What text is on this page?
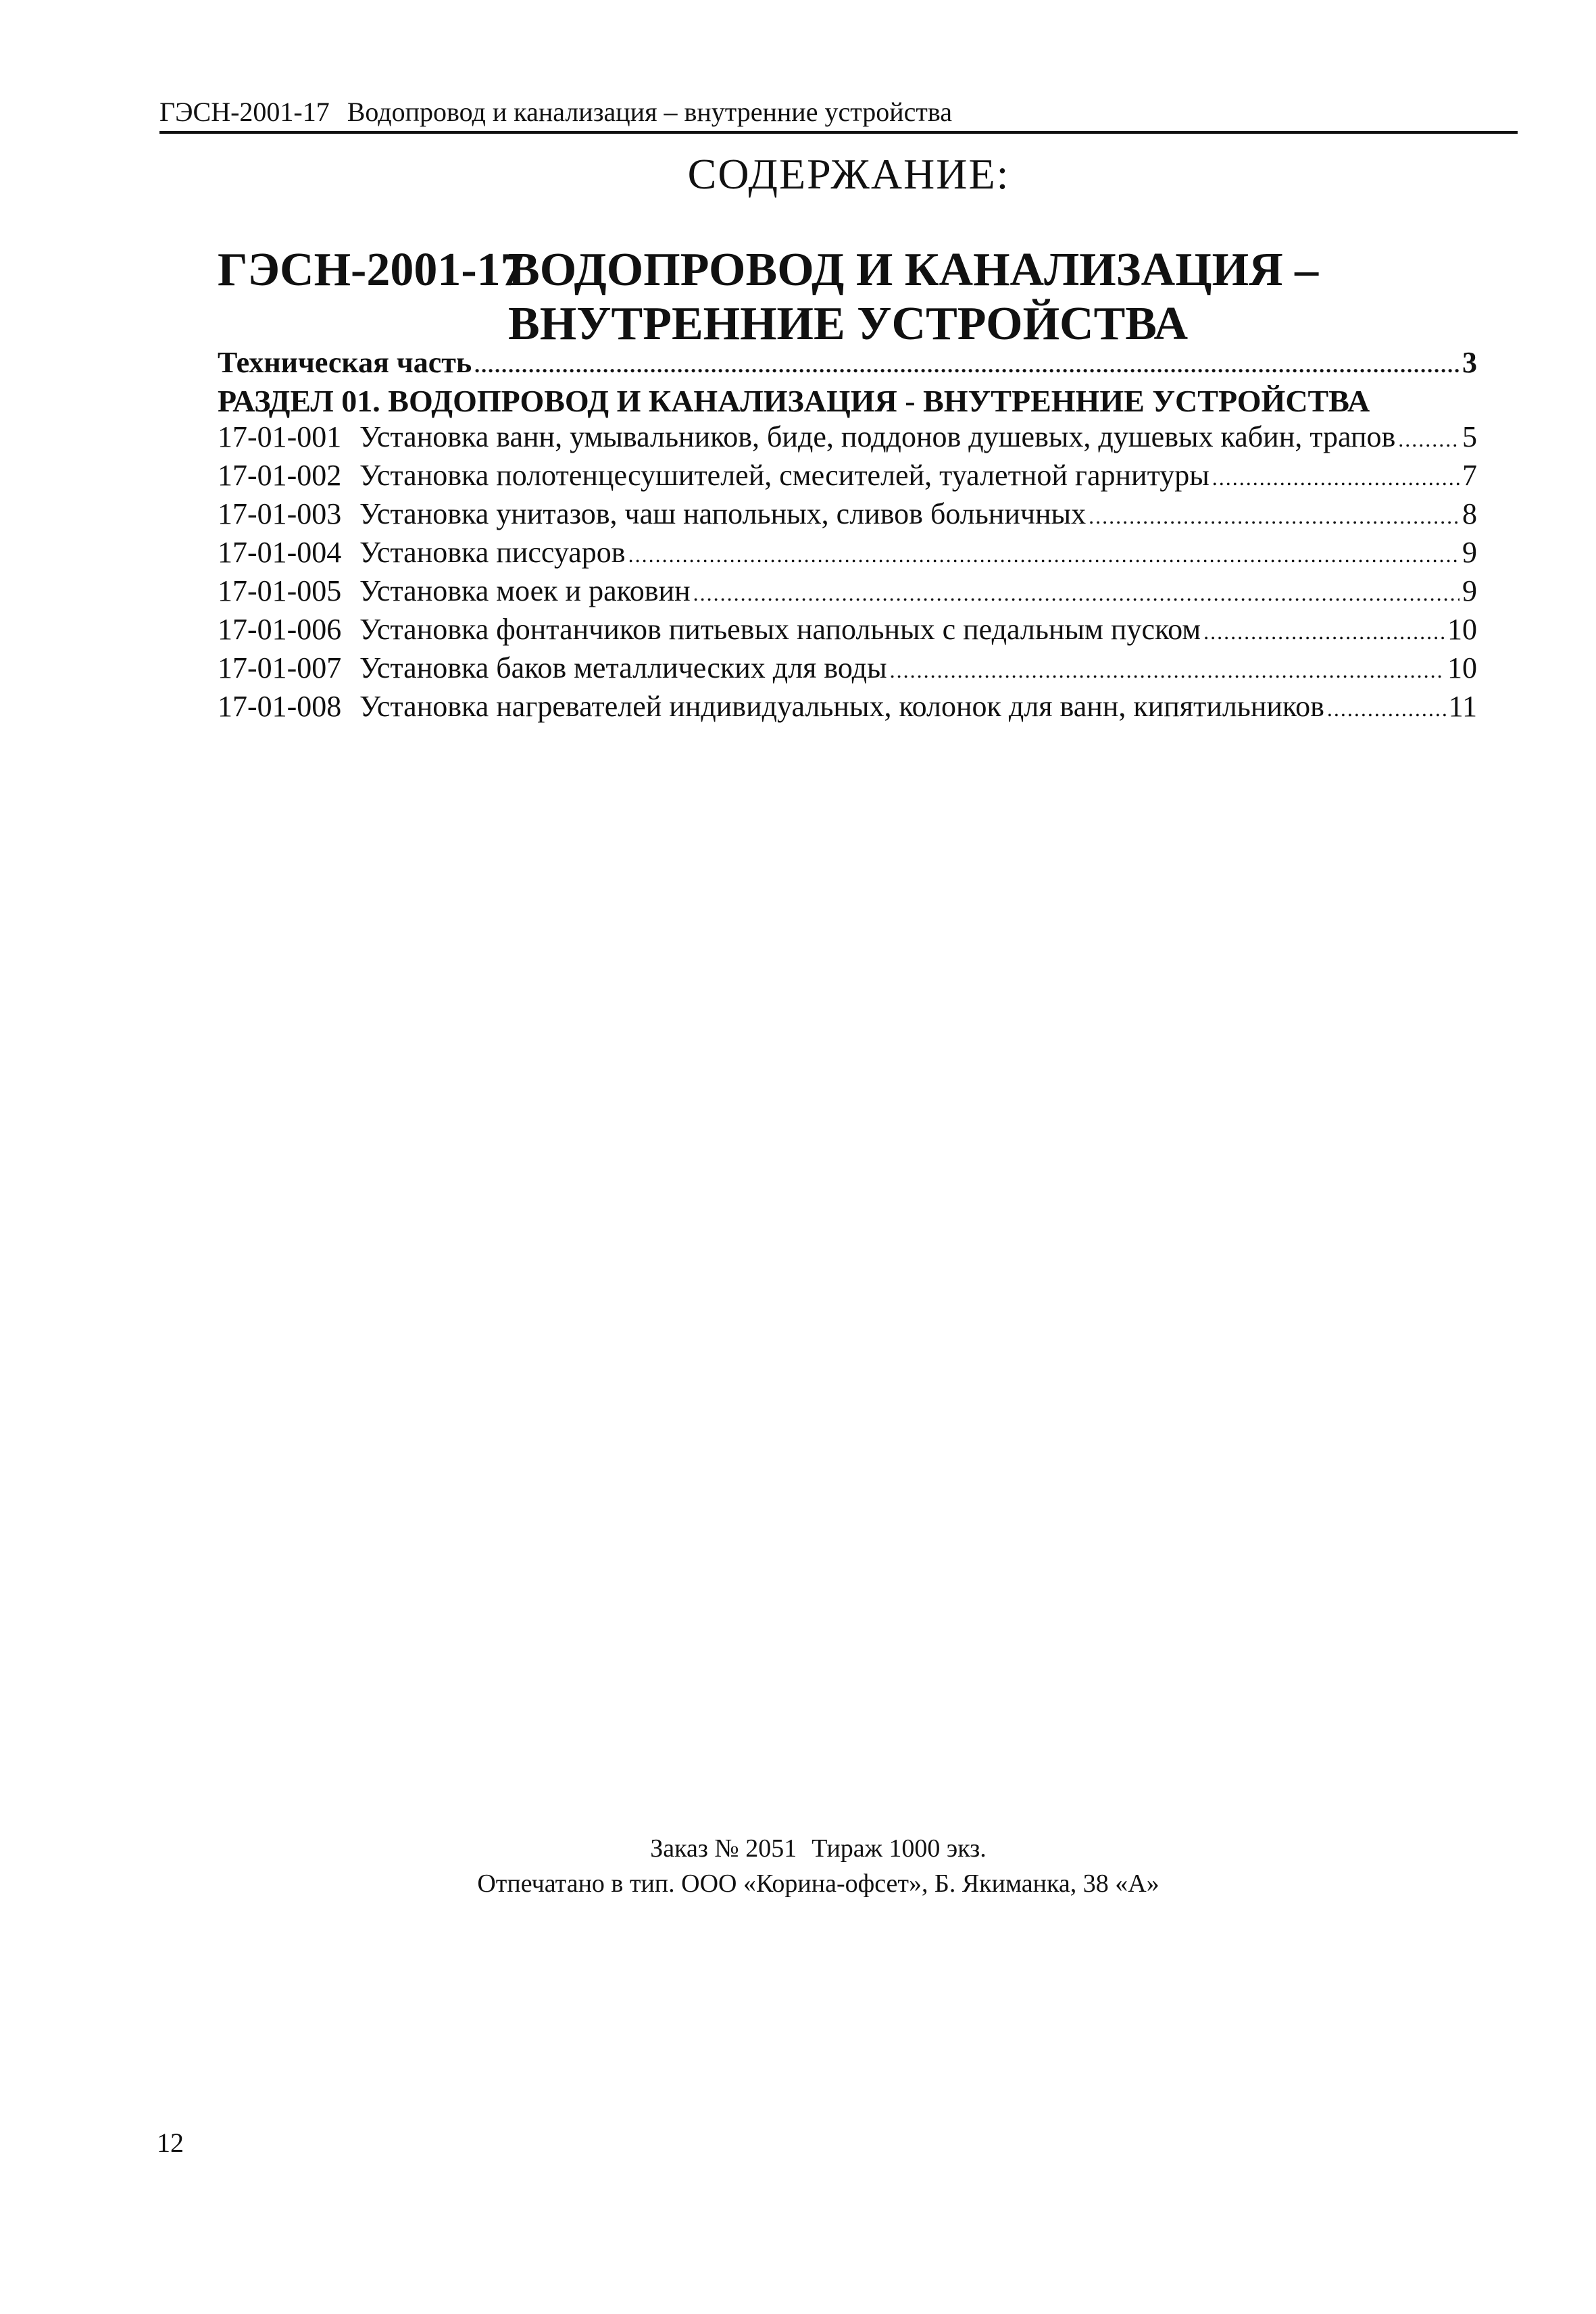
ГЭСН-2001-17 Водопровод и канализация – внутренние устройства
СОДЕРЖАНИЕ:
ГЭСН-2001-17ВОДОПРОВОД И КАНАЛИЗАЦИЯ –
ВНУТРЕННИЕ УСТРОЙСТВА
Техническая часть .....	3
РАЗДЕЛ 01. ВОДОПРОВОД И КАНАЛИЗАЦИЯ - ВНУТРЕННИЕ УСТРОЙСТВА
17-01-001 Установка ванн, умывальников, биде, поддонов душевых, душевых кабин, трапов ..... 5
17-01-002 Установка полотенцесушителей, смесителей, туалетной гарнитуры .....	7
17-01-003 Установка унитазов, чаш напольных, сливов больничных .....	8
17-01-004 Установка писсуаров .....	9
17-01-005 Установка моек и раковин .....	9
17-01-006 Установка фонтанчиков питьевых напольных с педальным пуском .....	10
17-01-007 Установка баков металлических для воды .....	10
17-01-008 Установка нагревателей индивидуальных, колонок для ванн, кипятильников .....	11
Заказ № 2051 Тираж 1000 экз.
Отпечатано в тип. ООО «Корина-офсет», Б. Якиманка, 38 «А»
12
